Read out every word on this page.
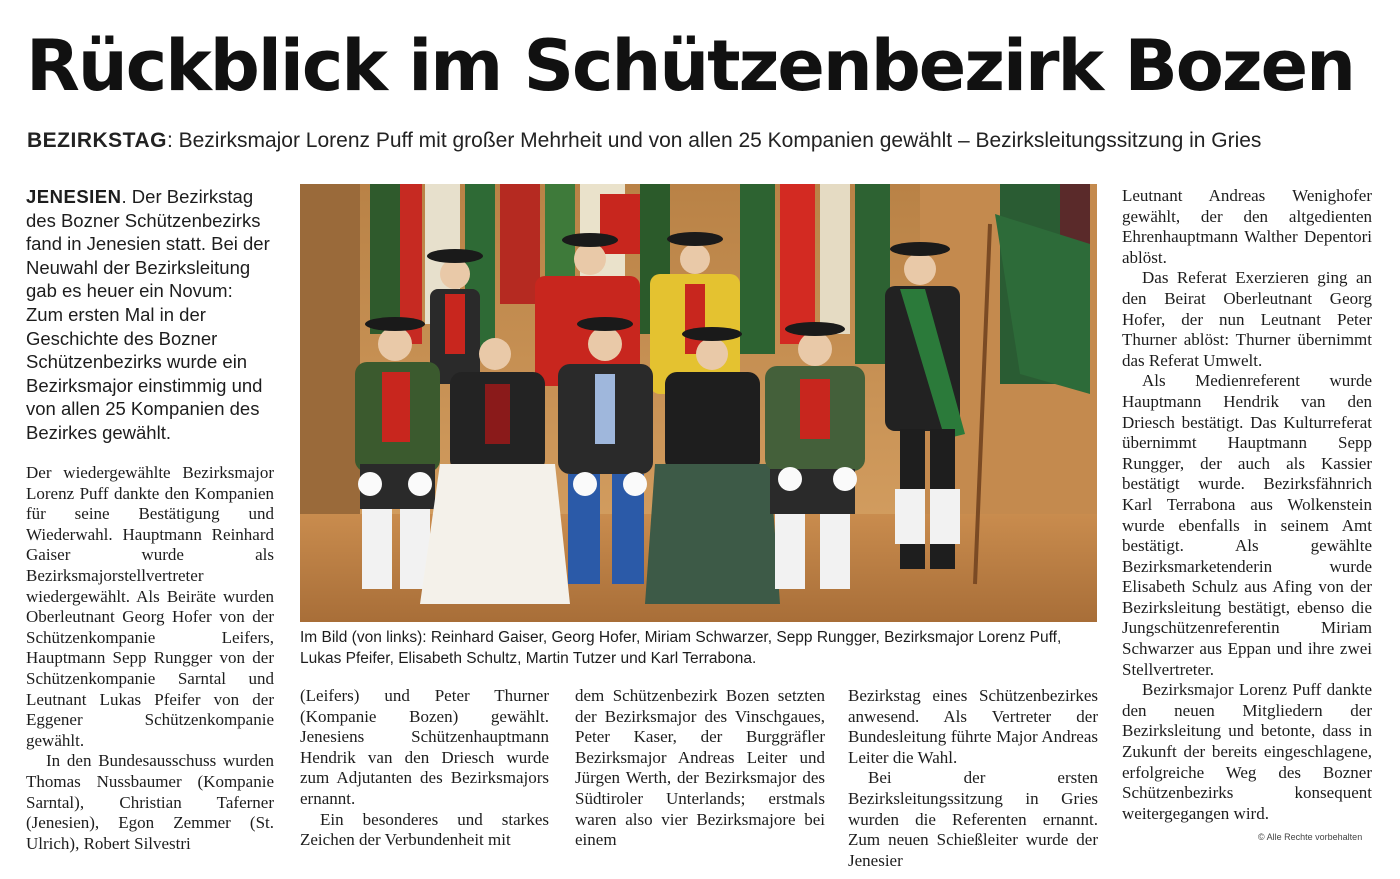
Rückblick im Schützenbezirk Bozen
BEZIRKSTAG: Bezirksmajor Lorenz Puff mit großer Mehrheit und von allen 25 Kompanien gewählt – Bezirksleitungssitzung in Gries
JENESIEN. Der Bezirkstag des Bozner Schützenbezirks fand in Jenesien statt. Bei der Neuwahl der Bezirksleitung gab es heuer ein Novum: Zum ersten Mal in der Geschichte des Bozner Schützenbezirks wurde ein Bezirksmajor einstimmig und von allen 25 Kompanien des Bezirkes gewählt.

Der wiedergewählte Bezirksmajor Lorenz Puff dankte den Kompanien für seine Bestätigung und Wiederwahl. Hauptmann Reinhard Gaiser wurde als Bezirksmajorstellvertreter wiedergewählt. Als Beiräte wurden Oberleutnant Georg Hofer von der Schützenkompanie Leifers, Hauptmann Sepp Rungger von der Schützenkompanie Sarntal und Leutnant Lukas Pfeifer von der Eggener Schützenkompanie gewählt.

In den Bundesausschuss wurden Thomas Nussbaumer (Kompanie Sarntal), Christian Taferner (Jenesien), Egon Zemmer (St. Ulrich), Robert Silvestri

Im Bild (von links): Reinhard Gaiser, Georg Hofer, Miriam Schwarzer, Sepp Rungger, Bezirksmajor Lorenz Puff, Lukas Pfeifer, Elisabeth Schultz, Martin Tutzer und Karl Terrabona.

(Leifers) und Peter Thurner (Kompanie Bozen) gewählt. Jenesiens Schützenhauptmann Hendrik van den Driesch wurde zum Adjutanten des Bezirksmajors ernannt.

Ein besonderes und starkes Zeichen der Verbundenheit mit

dem Schützenbezirk Bozen setzten der Bezirksmajor des Vinschgaues, Peter Kaser, der Burggräfler Bezirksmajor Andreas Leiter und Jürgen Werth, der Bezirksmajor des Südtiroler Unterlands; erstmals waren also vier Bezirksmajore bei einem

Bezirkstag eines Schützenbezirkes anwesend. Als Vertreter der Bundesleitung führte Major Andreas Leiter die Wahl.

Bei der ersten Bezirksleitungssitzung in Gries wurden die Referenten ernannt. Zum neuen Schießleiter wurde der Jenesier

Leutnant Andreas Wenighofer gewählt, der den altgedienten Ehrenhauptmann Walther Depentori ablöst.

Das Referat Exerzieren ging an den Beirat Oberleutnant Georg Hofer, der nun Leutnant Peter Thurner ablöst: Thurner übernimmt das Referat Umwelt.

Als Medienreferent wurde Hauptmann Hendrik van den Driesch bestätigt. Das Kulturreferat übernimmt Hauptmann Sepp Rungger, der auch als Kassier bestätigt wurde. Bezirksfähnrich Karl Terrabona aus Wolkenstein wurde ebenfalls in seinem Amt bestätigt. Als gewählte Bezirksmarketenderin wurde Elisabeth Schulz aus Afing von der Bezirksleitung bestätigt, ebenso die Jungschützenreferentin Miriam Schwarzer aus Eppan und ihre zwei Stellvertreter.

Bezirksmajor Lorenz Puff dankte den neuen Mitgliedern der Bezirksleitung und betonte, dass in Zukunft der bereits eingeschlagene, erfolgreiche Weg des Bozner Schützenbezirks konsequent weitergegangen wird.

© Alle Rechte vorbehalten
